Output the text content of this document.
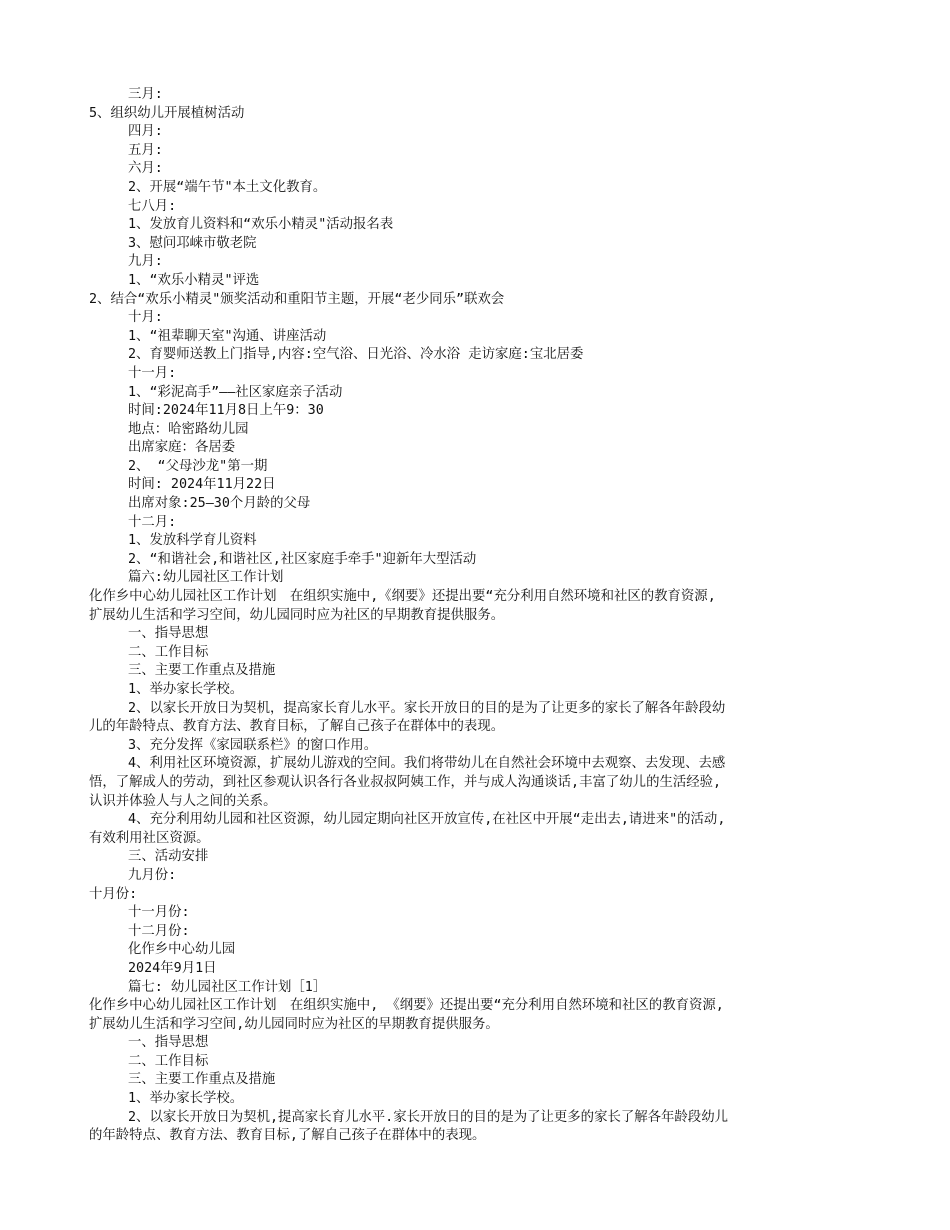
三月:
5、组织幼儿开展植树活动
四月:
五月:
六月:
2、开展“端午节"本土文化教育。
七八月:
1、发放育儿资料和“欢乐小精灵"活动报名表
3、慰问邛崃市敬老院
九月:
1、“欢乐小精灵"评选
2、结合“欢乐小精灵"颁奖活动和重阳节主题，开展“老少同乐”联欢会
十月:
1、“祖辈聊天室"沟通、讲座活动
2、育婴师送教上门指导,内容:空气浴、日光浴、冷水浴 走访家庭:宝北居委
十一月:
1、“彩泥高手”——社区家庭亲子活动
时间:2024年11月8日上午9：30
地点：哈密路幼儿园
出席家庭：各居委
2、 “父母沙龙"第一期
时间: 2024年11月22日
出席对象:25—30个月龄的父母
十二月:
1、发放科学育儿资料
2、“和谐社会,和谐社区,社区家庭手牵手"迎新年大型活动
篇六:幼儿园社区工作计划
化作乡中心幼儿园社区工作计划　在组织实施中,《纲要》还提出要“充分利用自然环境和社区的教育资源,
扩展幼儿生活和学习空间，幼儿园同时应为社区的早期教育提供服务。
一、指导思想
二、工作目标
三、主要工作重点及措施
1、举办家长学校。
2、以家长开放日为契机，提高家长育儿水平。家长开放日的目的是为了让更多的家长了解各年龄段幼
儿的年龄特点、教育方法、教育目标，了解自己孩子在群体中的表现。
3、充分发挥《家园联系栏》的窗口作用。
4、利用社区环境资源，扩展幼儿游戏的空间。我们将带幼儿在自然社会环境中去观察、去发现、去感
悟，了解成人的劳动，到社区参观认识各行各业叔叔阿姨工作，并与成人沟通谈话,丰富了幼儿的生活经验,
认识并体验人与人之间的关系。
4、充分利用幼儿园和社区资源，幼儿园定期向社区开放宣传,在社区中开展“走出去,请进来"的活动,
有效利用社区资源。
三、活动安排
九月份:
十月份:
十一月份:
十二月份:
化作乡中心幼儿园
2024年9月1日
篇七: 幼儿园社区工作计划［1］
化作乡中心幼儿园社区工作计划　在组织实施中, 《纲要》还提出要“充分利用自然环境和社区的教育资源,
扩展幼儿生活和学习空间,幼儿园同时应为社区的早期教育提供服务。
一、指导思想
二、工作目标
三、主要工作重点及措施
1、举办家长学校。
2、以家长开放日为契机,提高家长育儿水平.家长开放日的目的是为了让更多的家长了解各年龄段幼儿
的年龄特点、教育方法、教育目标,了解自己孩子在群体中的表现。
